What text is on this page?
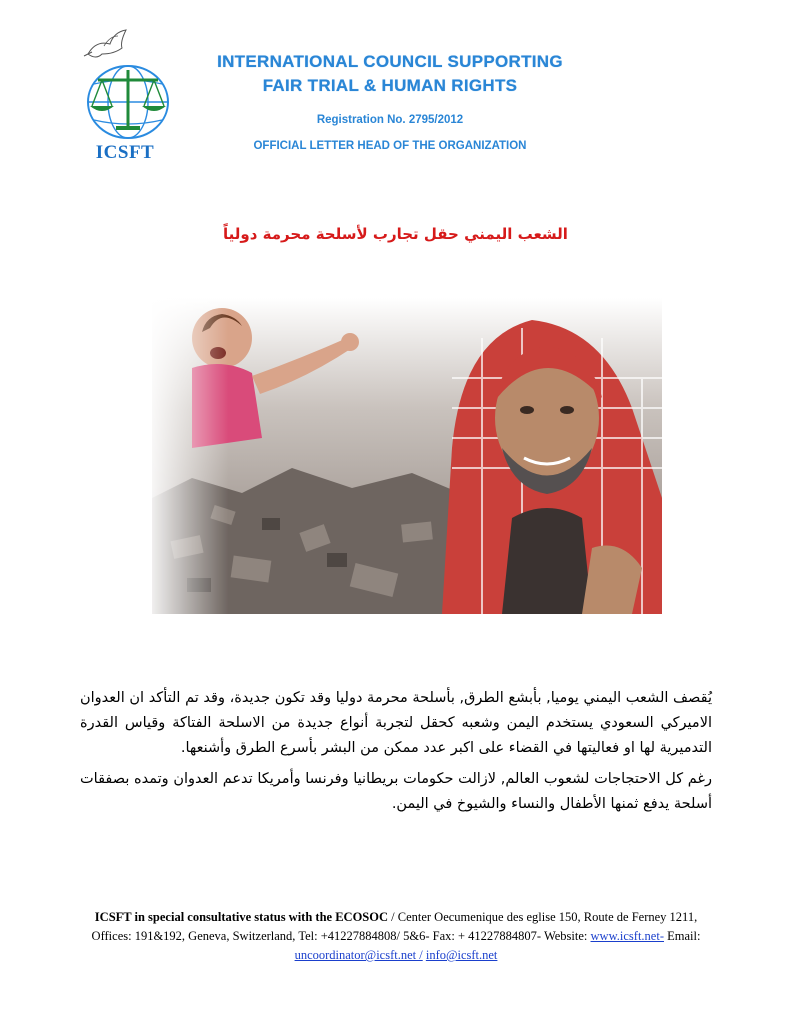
ICSFT

INTERNATIONAL COUNCIL SUPPORTING

FAIR TRIAL & HUMAN RIGHTS

Registration No. 2795/2012
OFFICIAL LETTER HEAD OF THE ORGANIZATION
الشعب اليمني حقل تجارب لأسلحة محرمة دولياً

يُقصف الشعب اليمني يوميا, بأبشع الطرق, بأسلحة محرمة دوليا وقد تكون جديدة، وقد تم التأكد ان العدوان الاميركي السعودي يستخدم اليمن وشعبه كحقل لتجربة أنواع جديدة من الاسلحة الفتاكة وقياس القدرة التدميرية لها او فعاليتها في القضاء على اكبر عدد ممكن من البشر بأسرع الطرق وأشنعها.

رغم كل الاحتجاجات لشعوب العالم, لازالت حكومات بريطانيا وفرنسا وأمريكا تدعم العدوان وتمده بصفقات أسلحة يدفع ثمنها الأطفال والنساء والشيوخ في اليمن.

ICSFT in special consultative status with the ECOSOC / Center Oecumenique des eglise 150, Route de Ferney 1211, Offices: 191&192, Geneva, Switzerland, Tel: +41227884808/ 5&6- Fax: + 41227884807- Website: www.icsft.net- Email: uncoordinator@icsft.net / info@icsft.net
